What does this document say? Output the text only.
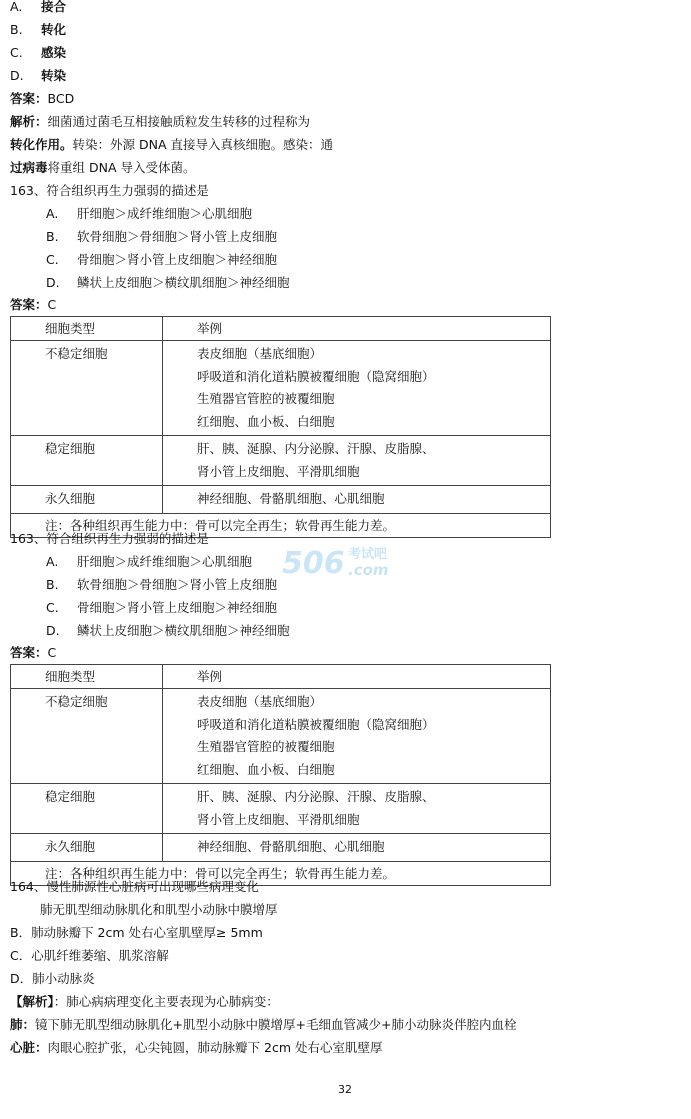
A. 接合
B. 转化
C. 感染
D. 转染
答案：BCD
解析：细菌通过菌毛互相接触质粒发生转移的过程称为
转化作用。转染：外源 DNA 直接导入真核细胞。感染：通
过病毒将重组 DNA 导入受体菌。
163、符合组织再生力强弱的描述是
A. 肝细胞＞成纤维细胞＞心肌细胞
B. 软骨细胞＞骨细胞＞肾小管上皮细胞
C. 骨细胞＞肾小管上皮细胞＞神经细胞
D. 鳞状上皮细胞＞横纹肌细胞＞神经细胞
答案：C
细胞类型	举例

不稳定细胞	表皮细胞（基底细胞）
呼吸道和消化道粘膜被覆细胞（隐窝细胞）
生殖器官管腔的被覆细胞
红细胞、血小板、白细胞

稳定细胞	肝、胰、涎腺、内分泌腺、汗腺、皮脂腺、
肾小管上皮细胞、平滑肌细胞

永久细胞	神经细胞、骨骼肌细胞、心肌细胞

注：各种组织再生能力中：骨可以完全再生；软骨再生能力差。	
163、符合组织再生力强弱的描述是
A. 肝细胞＞成纤维细胞＞心肌细胞
B. 软骨细胞＞骨细胞＞肾小管上皮细胞
C. 骨细胞＞肾小管上皮细胞＞神经细胞
D. 鳞状上皮细胞＞横纹肌细胞＞神经细胞
答案：C
细胞类型	举例

不稳定细胞	表皮细胞（基底细胞）
呼吸道和消化道粘膜被覆细胞（隐窝细胞）
生殖器官管腔的被覆细胞
红细胞、血小板、白细胞

稳定细胞	肝、胰、涎腺、内分泌腺、汗腺、皮脂腺、
肾小管上皮细胞、平滑肌细胞

永久细胞	神经细胞、骨骼肌细胞、心肌细胞

注：各种组织再生能力中：骨可以完全再生；软骨再生能力差。	
164、慢性肺源性心脏病可出现哪些病理变化
肺无肌型细动脉肌化和肌型小动脉中膜增厚
B．肺动脉瓣下 2cm 处右心室肌壁厚≥ 5mm
C．心肌纤维萎缩、肌浆溶解
D．肺小动脉炎
【解析】：肺心病病理变化主要表现为心肺病变：
肺：镜下肺无肌型细动脉肌化+肌型小动脉中膜增厚+毛细血管减少+肺小动脉炎伴腔内血栓
心脏：肉眼心腔扩张，心尖钝圆，肺动脉瓣下 2cm 处右心室肌壁厚
506 考试吧
.com
32
